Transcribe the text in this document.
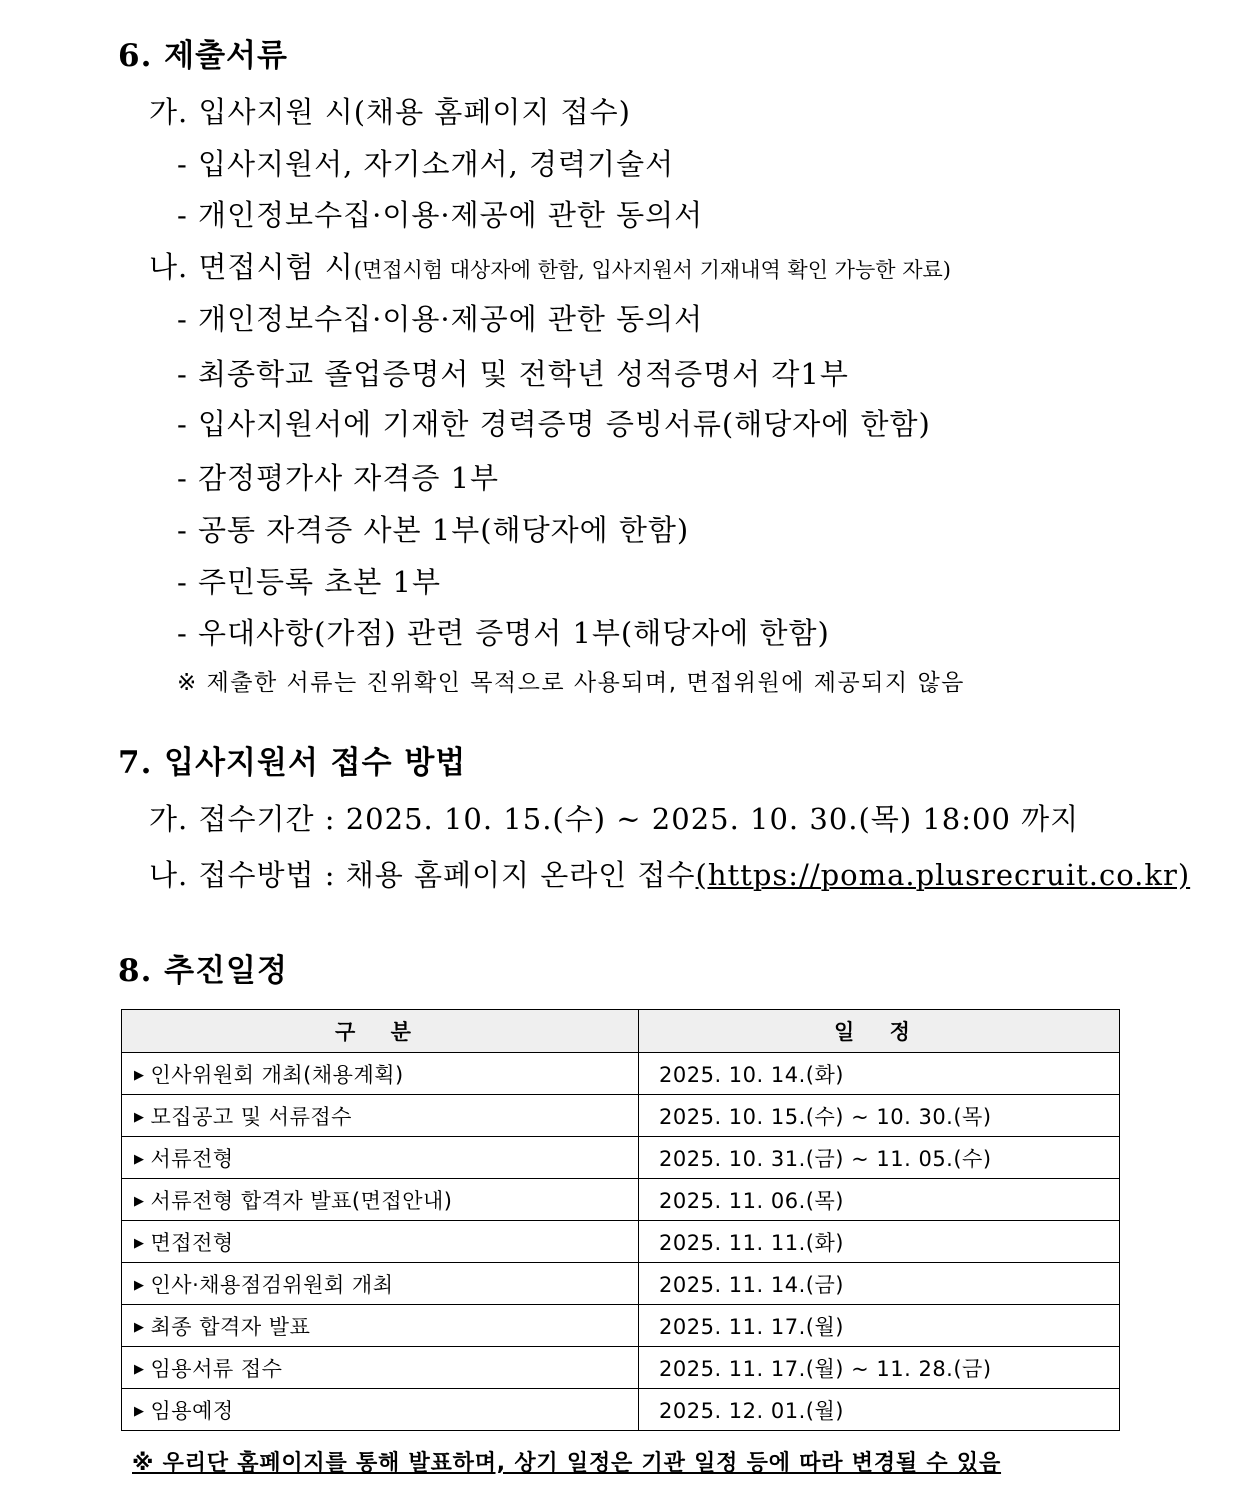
6. 제출서류
가. 입사지원 시(채용 홈페이지 접수)
- 입사지원서, 자기소개서, 경력기술서
- 개인정보수집·이용·제공에 관한 동의서
나. 면접시험 시(면접시험 대상자에 한함, 입사지원서 기재내역 확인 가능한 자료)
- 개인정보수집·이용·제공에 관한 동의서
- 최종학교 졸업증명서 및 전학년 성적증명서 각1부
- 입사지원서에 기재한 경력증명 증빙서류(해당자에 한함)
- 감정평가사 자격증 1부
- 공통 자격증 사본 1부(해당자에 한함)
- 주민등록 초본 1부
- 우대사항(가점) 관련 증명서 1부(해당자에 한함)
※ 제출한 서류는 진위확인 목적으로 사용되며, 면접위원에 제공되지 않음
7. 입사지원서 접수 방법
가. 접수기간 : 2025. 10. 15.(수) ~ 2025. 10. 30.(목) 18:00 까지
나. 접수방법 : 채용 홈페이지 온라인 접수(https://poma.plusrecruit.co.kr)
8. 추진일정
구 분	일 정
▶ 인사위원회 개최(채용계획)	2025. 10. 14.(화)
▶ 모집공고 및 서류접수	2025. 10. 15.(수) ~ 10. 30.(목)
▶ 서류전형	2025. 10. 31.(금) ~ 11. 05.(수)
▶ 서류전형 합격자 발표(면접안내)	2025. 11. 06.(목)
▶ 면접전형	2025. 11. 11.(화)
▶ 인사·채용점검위원회 개최	2025. 11. 14.(금)
▶ 최종 합격자 발표	2025. 11. 17.(월)
▶ 임용서류 접수	2025. 11. 17.(월) ~ 11. 28.(금)
▶ 임용예정	2025. 12. 01.(월)
※ 우리단 홈페이지를 통해 발표하며, 상기 일정은 기관 일정 등에 따라 변경될 수 있음
